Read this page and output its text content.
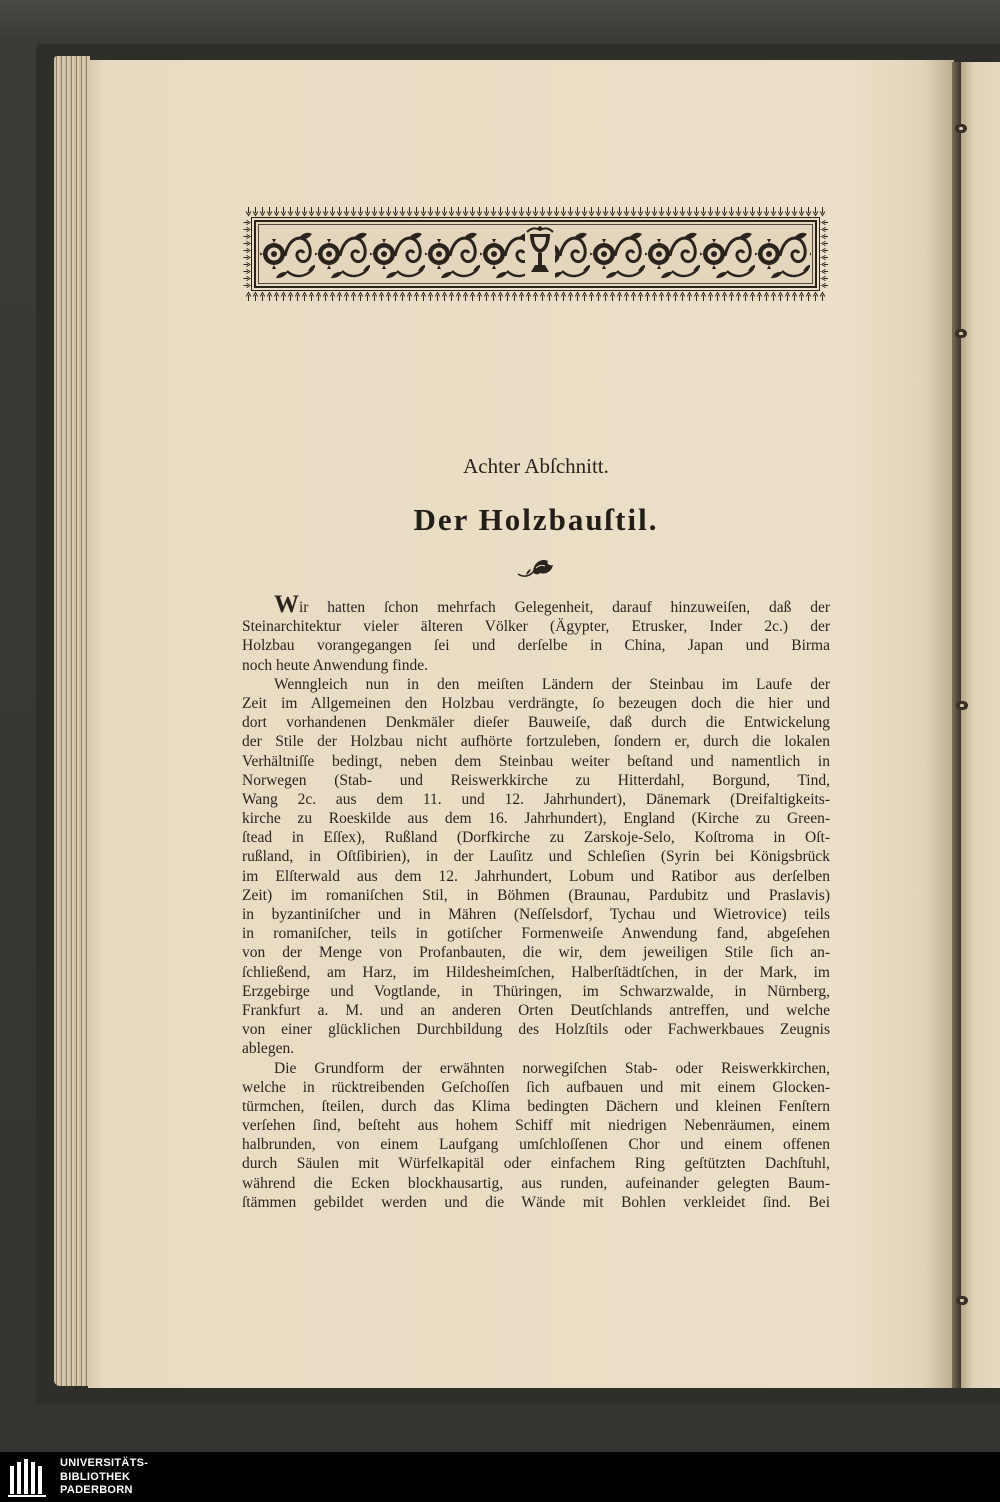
Achter Abſchnitt.
Der Holzbauſtil.
Wir hatten ſchon mehrfach Gelegenheit, darauf hinzuweiſen, daß der
Steinarchitektur vieler älteren Völker (Ägypter, Etrusker, Inder 2c.) der
Holzbau vorangegangen ſei und derſelbe in China, Japan und Birma
noch heute Anwendung finde.
Wenngleich nun in den meiſten Ländern der Steinbau im Laufe der
Zeit im Allgemeinen den Holzbau verdrängte, ſo bezeugen doch die hier und
dort vorhandenen Denkmäler dieſer Bauweiſe, daß durch die Entwickelung
der Stile der Holzbau nicht aufhörte fortzuleben, ſondern er, durch die lokalen
Verhältniſſe bedingt, neben dem Steinbau weiter beſtand und namentlich in
Norwegen (Stab- und Reiswerkkirche zu Hitterdahl, Borgund, Tind,
Wang 2c. aus dem 11. und 12. Jahrhundert), Dänemark (Dreifaltigkeits-
kirche zu Roeskilde aus dem 16. Jahrhundert), England (Kirche zu Green-
ſtead in Eſſex), Rußland (Dorfkirche zu Zarskoje-Selo, Koſtroma in Oſt-
rußland, in Oſtſibirien), in der Lauſitz und Schleſien (Syrin bei Königsbrück
im Elſterwald aus dem 12. Jahrhundert, Lobum und Ratibor aus derſelben
Zeit) im romaniſchen Stil, in Böhmen (Braunau, Pardubitz und Praslavis)
in byzantiniſcher und in Mähren (Neſſelsdorf, Tychau und Wietrovice) teils
in romaniſcher, teils in gotiſcher Formenweiſe Anwendung fand, abgeſehen
von der Menge von Profanbauten, die wir, dem jeweiligen Stile ſich an-
ſchließend, am Harz, im Hildesheimſchen, Halberſtädtſchen, in der Mark, im
Erzgebirge und Vogtlande, in Thüringen, im Schwarzwalde, in Nürnberg,
Frankfurt a. M. und an anderen Orten Deutſchlands antreffen, und welche
von einer glücklichen Durchbildung des Holzſtils oder Fachwerkbaues Zeugnis
ablegen.
Die Grundform der erwähnten norwegiſchen Stab- oder Reiswerkkirchen,
welche in rücktreibenden Geſchoſſen ſich aufbauen und mit einem Glocken-
türmchen, ſteilen, durch das Klima bedingten Dächern und kleinen Fenſtern
verſehen ſind, beſteht aus hohem Schiff mit niedrigen Nebenräumen, einem
halbrunden, von einem Laufgang umſchloſſenen Chor und einem offenen
durch Säulen mit Würfelkapitäl oder einfachem Ring geſtützten Dachſtuhl,
während die Ecken blockhausartig, aus runden, aufeinander gelegten Baum-
ſtämmen gebildet werden und die Wände mit Bohlen verkleidet ſind. Bei
UNIVERSITÄTS-
BIBLIOTHEK
PADERBORN
